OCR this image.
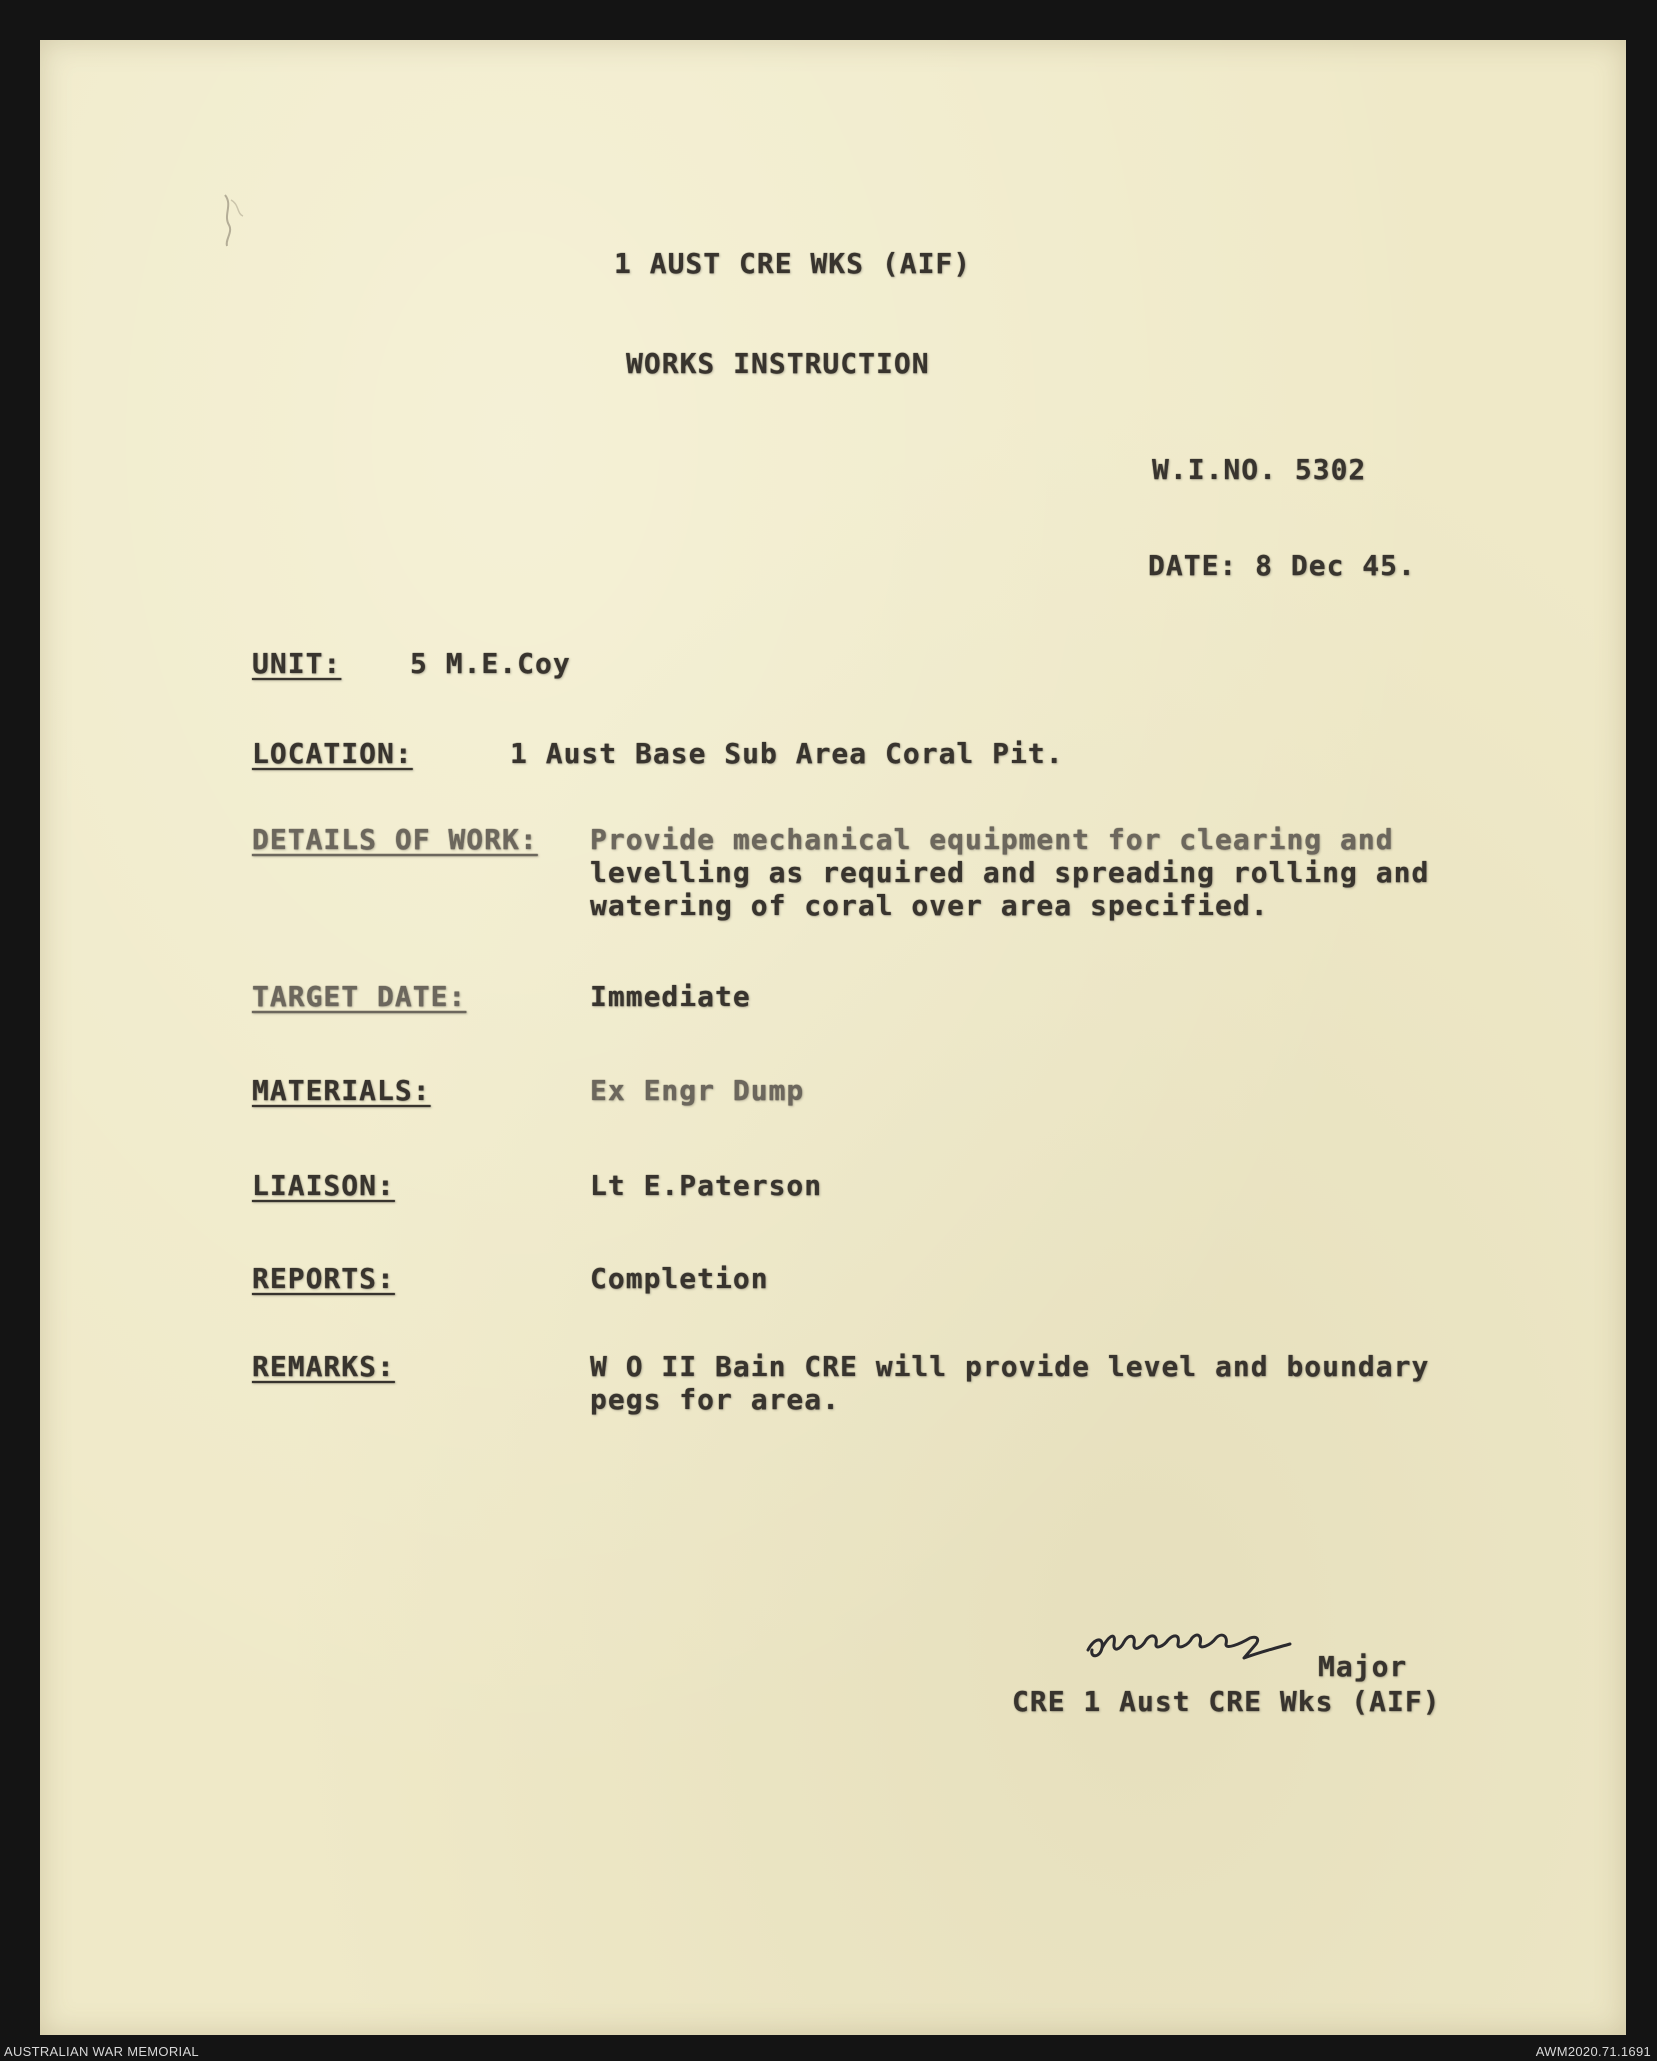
1 AUST CRE WKS (AIF)
WORKS INSTRUCTION
W.I.NO. 5302
DATE: 8 Dec 45.
UNIT: 5 M.E.Coy
LOCATION:	1 Aust Base Sub Area Coral Pit.
DETAILS OF WORK: Provide mechanical equipment for clearing and
levelling as required and spreading rolling and
watering of coral over area specified.
TARGET DATE:	Immediate
MATERIALS:	Ex Engr Dump
LIAISON:	Lt E.Paterson
REPORTS:	Completion
REMARKS:	W O II Bain CRE will provide level and boundary
pegs for area.
Major
CRE 1 Aust CRE Wks (AIF)
AUSTRALIAN WAR MEMORIAL	AWM2020.71.1691
